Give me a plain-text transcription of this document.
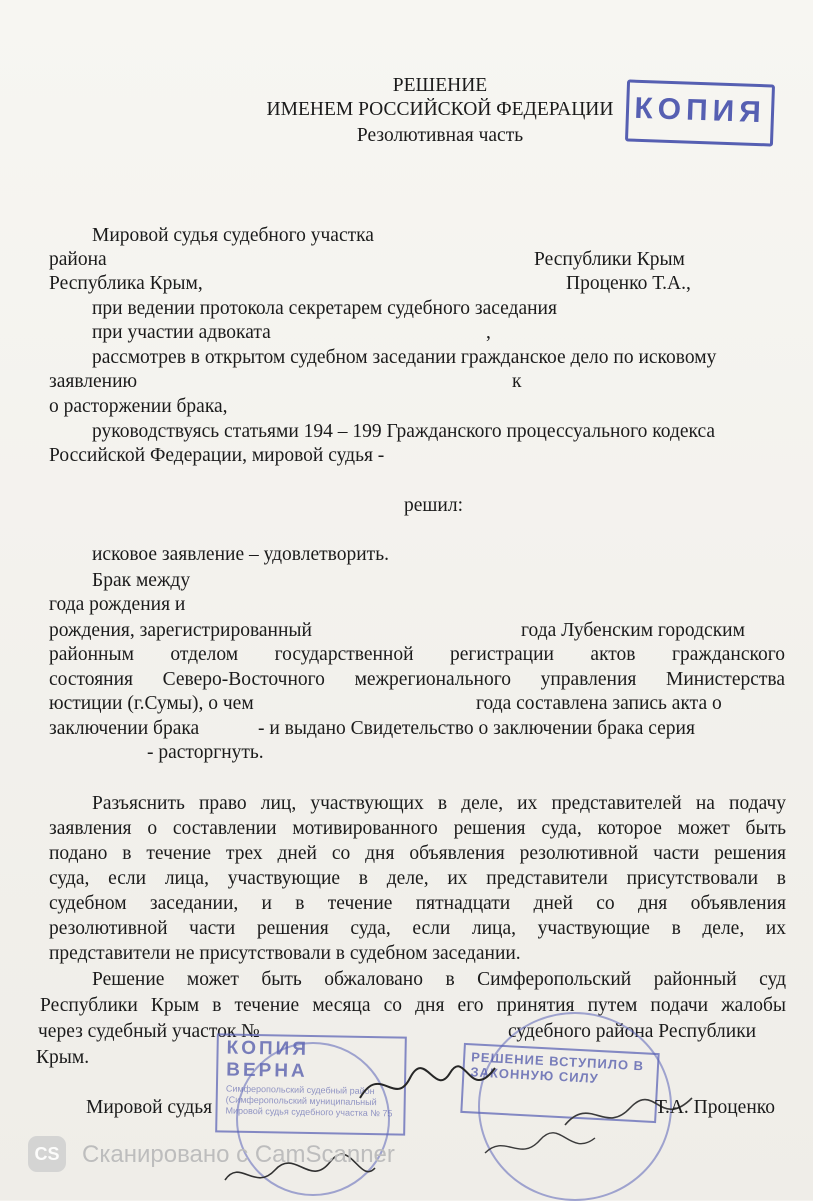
РЕШЕНИЕ
ИМЕНЕМ РОССИЙСКОЙ ФЕДЕРАЦИИ
Резолютивная часть
КОПИЯ
Мировой судья судебного участка
района	Республики Крым
Республика Крым,	Проценко Т.А.,
при ведении протокола секретарем судебного заседания
при участии адвоката	,
рассмотрев в открытом судебном заседании гражданское дело по исковому
заявлению	к
о расторжении брака,
руководствуясь статьями 194 – 199 Гражданского процессуального кодекса
Российской Федерации, мировой судья -
решил:
исковое заявление – удовлетворить.
Брак между
года рождения и
рождения, зарегистрированный	года Лубенским городским
районным отделом государственной регистрации актов гражданского
состояния Северо-Восточного межрегионального управления Министерства
юстиции (г.Сумы), о чем	года составлена запись акта о
заключении брака	- и выдано Свидетельство о заключении брака серия
- расторгнуть.
Разъяснить право лиц, участвующих в деле, их представителей на подачу
заявления о составлении мотивированного решения суда, которое может быть
подано в течение трех дней со дня объявления резолютивной части решения
суда, если лица, участвующие в деле, их представители присутствовали в
судебном заседании, и в течение пятнадцати дней со дня объявления
резолютивной части решения суда, если лица, участвующие в деле, их
представители не присутствовали в судебном заседании.
Решение может быть обжаловано в Симферопольский районный суд
Республики Крым в течение месяца со дня его принятия путем подачи жалобы
через судебный участок №	судебного района Республики
Крым.	КОПИЯ ВЕРНА
Симферопольский судебный район
(Симферопольский муниципальный
Мировой судья судебного участка № 75
РЕШЕНИЕ ВСТУПИЛО В ЗАКОННУЮ СИЛУ
Мировой судья	Т.А. Проценко
CS Сканировано с CamScanner
